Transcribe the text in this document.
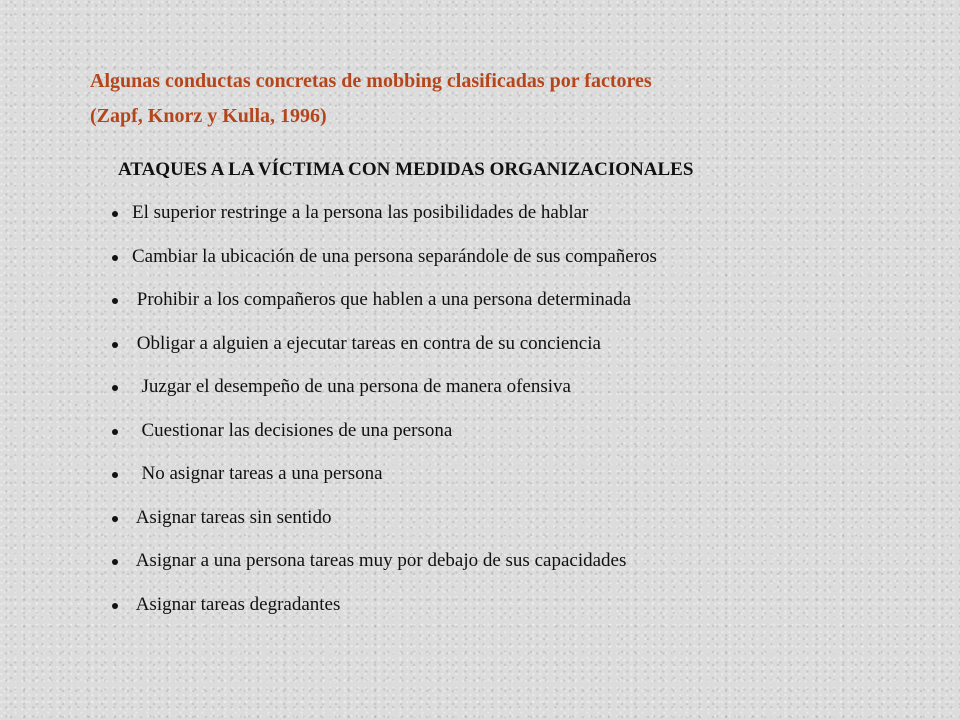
Algunas conductas concretas de mobbing clasificadas por factores
(Zapf, Knorz y Kulla, 1996)
ATAQUES A LA VÍCTIMA CON MEDIDAS ORGANIZACIONALES
El superior restringe a la persona las posibilidades de hablar
Cambiar la ubicación de una persona separándole de sus compañeros
Prohibir a los compañeros que hablen a una persona determinada
Obligar a alguien a ejecutar tareas en contra de su conciencia
Juzgar el desempeño de una persona de manera ofensiva
Cuestionar las decisiones de una persona
No asignar tareas a una persona
Asignar tareas sin sentido
Asignar a una persona tareas muy por debajo de sus capacidades
Asignar tareas degradantes
